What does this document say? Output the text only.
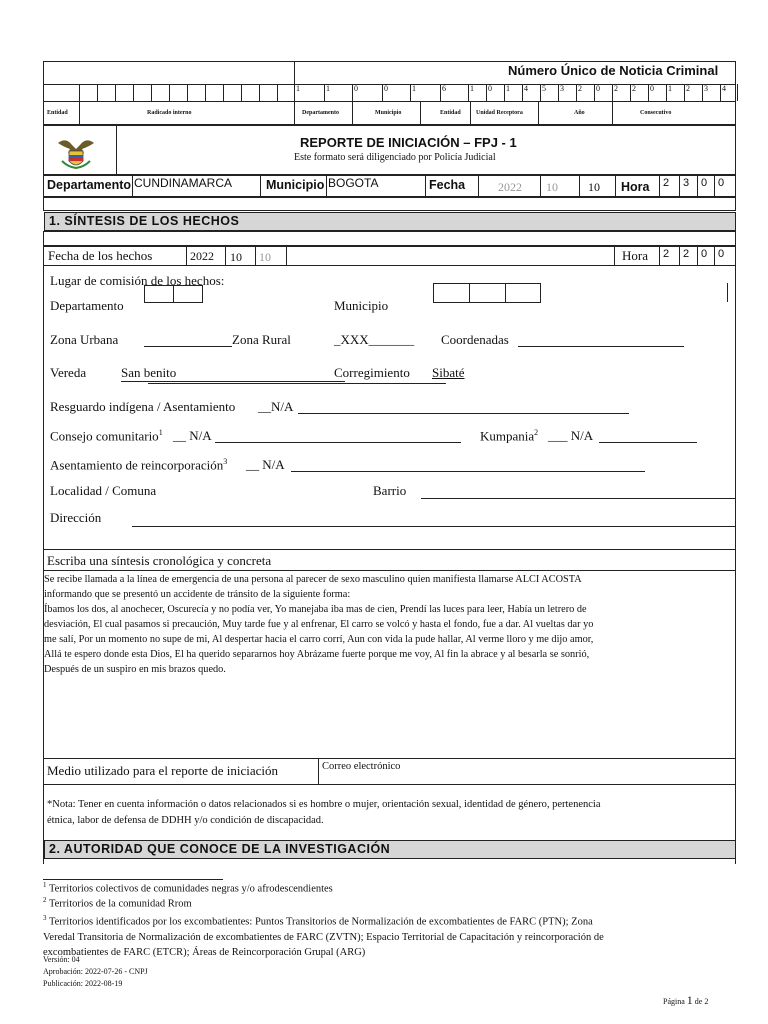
Número Único de Noticia Criminal
1	1	0	0	1	6	1	0	1	4	5	3	2	0	2	2	0	1	2	3	4
Entidad	Radicado interno	Departamento	Municipio	Entidad	Unidad Receptora	Año	Consecutivo
REPORTE DE INICIACIÓN – FPJ - 1
Este formato será diligenciado por Policía Judicial
Departamento CUNDINAMARCA	Municipio BOGOTA	Fecha	2022 10	10 Hora 2 3 0 0
1. SÍNTESIS DE LOS HECHOS
Fecha de los hechos	2022 10 10	Hora 2 2 0 0
Lugar de comisión de los hechos:
Departamento	Municipio
Zona Urbana	Zona Rural	_XXX_______ Coordenadas
Vereda	San benito	Corregimiento Sibaté
Resguardo indígena / Asentamiento __N/A
Consejo comunitario$^1$ __ N/A	Kumpania$^2$ ___ N/A
Asentamiento de reincorporación$^3$ __ N/A
Localidad / Comuna	Barrio
Dirección
Escriba una síntesis cronológica y concreta
Se recibe llamada a la línea de emergencia de una persona al parecer de sexo masculino quien manifiesta llamarse ALCI ACOSTA
informando que se presentó un accidente de tránsito de la siguiente forma:
Íbamos los dos, al anochecer, Oscurecía y no podía ver, Yo manejaba iba mas de cien, Prendí las luces para leer, Había un letrero de
desviación, El cual pasamos si precaución, Muy tarde fue y al enfrenar, El carro se volcó y hasta el fondo, fue a dar. Al vueltas dar yo
me salí, Por un momento no supe de mi, Al despertar hacia el carro corrí, Aun con vida la pude hallar, Al verme lloro y me dijo amor,
Allá te espero donde esta Dios, El ha querido separarnos hoy Abrázame fuerte porque me voy, Al fin la abrace y al besarla se sonrió,
Después de un suspiro en mis brazos quedo.
Medio utilizado para el reporte de iniciación	Correo electrónico
*Nota: Tener en cuenta información o datos relacionados si es hombre o mujer, orientación sexual, identidad de género, pertenencia
étnica, labor de defensa de DDHH y/o condición de discapacidad.
2. AUTORIDAD QUE CONOCE DE LA INVESTIGACIÓN
$^1$ Territorios colectivos de comunidades negras y/o afrodescendientes
$^2$ Territorios de la comunidad Rrom
$^3$ Territorios identificados por los excombatientes: Puntos Transitorios de Normalización de excombatientes de FARC (PTN); Zona
Veredal Transitoria de Normalización de excombatientes de FARC (ZVTN); Espacio Territorial de Capacitación y reincorporación de
excombatientes de FARC (ETCR); Áreas de Reincorporación Grupal (ARG)
Versión: 04
Aprobación: 2022-07-26 - CNPJ
Publicación: 2022-08-19
Página 1 de 2
